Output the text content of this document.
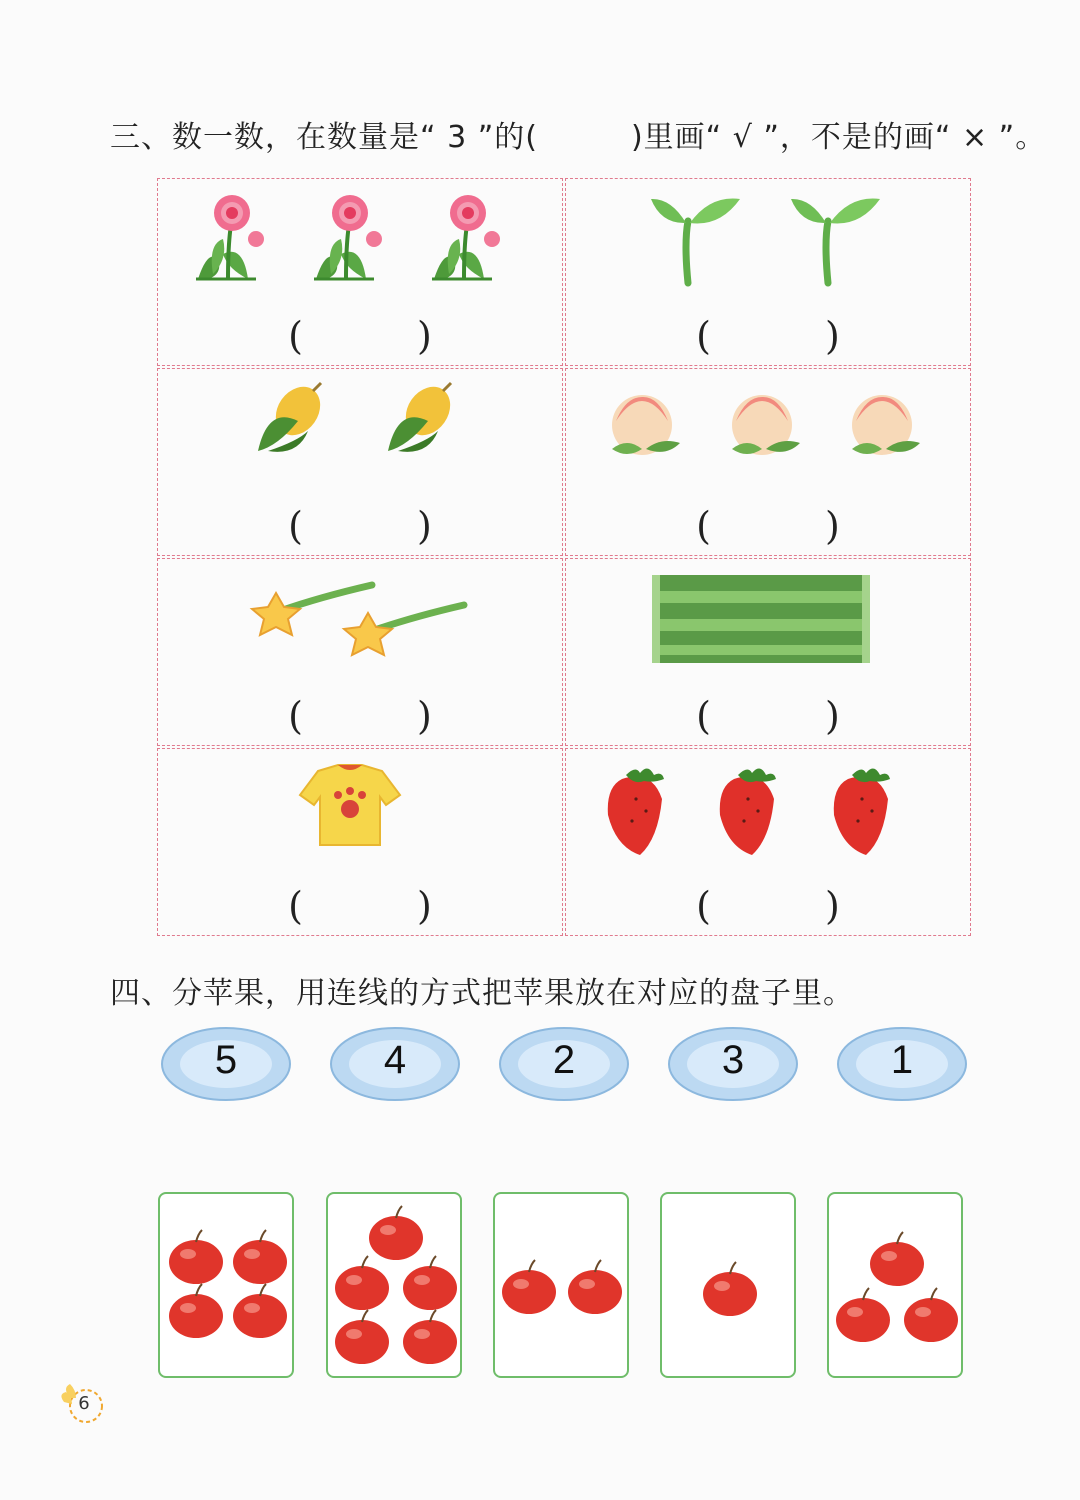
三、数一数，在数量是“ 3 ”的(　　　)里画“ √ ”，不是的画“ × ”。
(　　　)	(　　　)
(　　　)	(　　　)
(　　　)	(　　　)
(　　　)	(　　　)
四、分苹果，用连线的方式把苹果放在对应的盘子里。
5	4	2	3	1
6
